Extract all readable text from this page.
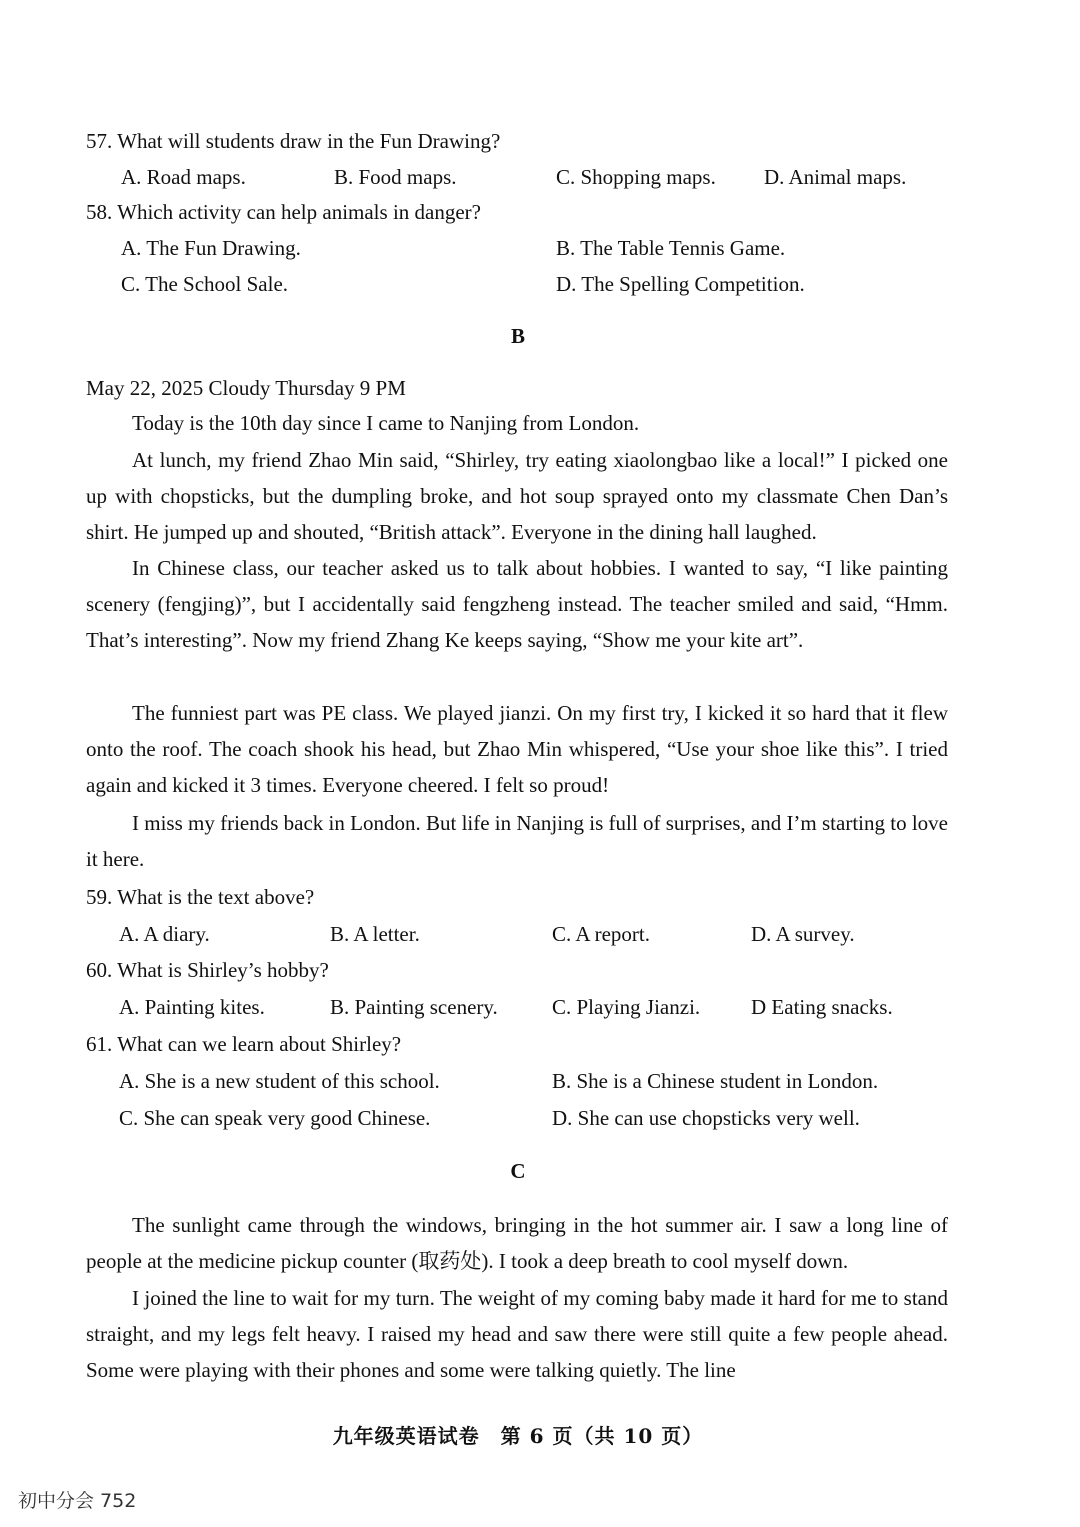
57. What will students draw in the Fun Drawing?
A. Road maps.	B. Food maps.	C. Shopping maps. D. Animal maps.
58. Which activity can help animals in danger?
A. The Fun Drawing.	B. The Table Tennis Game.
C. The School Sale.	D. The Spelling Competition.
B
May 22, 2025 Cloudy Thursday 9 PM
Today is the 10th day since I came to Nanjing from London.
At lunch, my friend Zhao Min said, “Shirley, try eating xiaolongbao like a local!” I picked one up with chopsticks, but the dumpling broke, and hot soup sprayed onto my classmate Chen Dan’s shirt. He jumped up and shouted, “British attack”. Everyone in the dining hall laughed.
In Chinese class, our teacher asked us to talk about hobbies. I wanted to say, “I like painting scenery (fengjing)”, but I accidentally said fengzheng instead. The teacher smiled and said, “Hmm. That’s interesting”. Now my friend Zhang Ke keeps saying, “Show me your kite art”.
The funniest part was PE class. We played jianzi. On my first try, I kicked it so hard that it flew onto the roof. The coach shook his head, but Zhao Min whispered, “Use your shoe like this”. I tried again and kicked it 3 times. Everyone cheered. I felt so proud!
I miss my friends back in London. But life in Nanjing is full of surprises, and I’m starting to love it here.
59. What is the text above?
A. A diary.	B. A letter.	C. A report.	D. A survey.
60. What is Shirley’s hobby?
A. Painting kites.	B. Painting scenery.	C. Playing Jianzi. D Eating snacks.
61. What can we learn about Shirley?
A. She is a new student of this school.	B. She is a Chinese student in London.
C. She can speak very good Chinese.	D. She can use chopsticks very well.
C
The sunlight came through the windows, bringing in the hot summer air. I saw a long line of people at the medicine pickup counter (取药处). I took a deep breath to cool myself down.
I joined the line to wait for my turn. The weight of my coming baby made it hard for me to stand straight, and my legs felt heavy. I raised my head and saw there were still quite a few people ahead. Some were playing with their phones and some were talking quietly. The line
九年级英语试卷　第 6 页（共 10 页）
初中分会 752
